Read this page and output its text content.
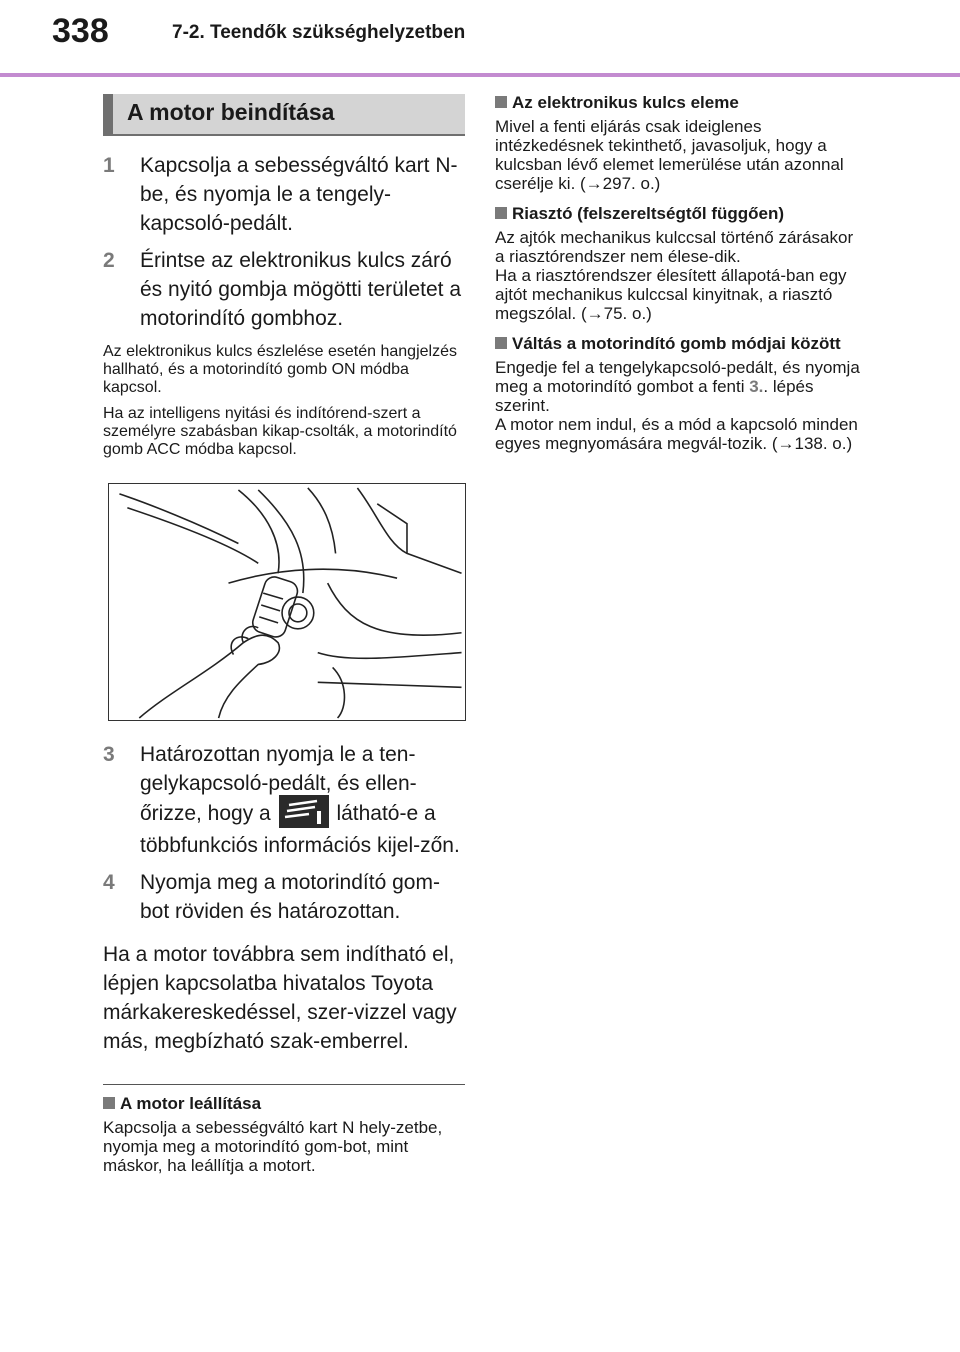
338	7-2. Teendők szükséghelyzetben
A motor beindítása
1 Kapcsolja a sebességváltó kart N-be, és nyomja le a tengely-kapcsoló-pedált.
2 Érintse az elektronikus kulcs záró és nyitó gombja mögötti területet a motorindító gombhoz.
Az elektronikus kulcs észlelése esetén hangjelzés hallható, és a motorindító gomb ON módba kapcsol.
Ha az intelligens nyitási és indítórend-szert a személyre szabásban kikap-csolták, a motorindító gomb ACC módba kapcsol.
3 Határozottan nyomja le a ten-gelykapcsoló-pedált, és ellen-őrizze, hogy a	látható-e a többfunkciós információs kijel-zőn.
4 Nyomja meg a motorindító gom-bot röviden és határozottan.
Ha a motor továbbra sem indítható el, lépjen kapcsolatba hivatalos Toyota márkakereskedéssel, szer-vizzel vagy más, megbízható szak-emberrel.
A motor leállítása
Kapcsolja a sebességváltó kart N hely-zetbe, nyomja meg a motorindító gom-bot, mint máskor, ha leállítja a motort.
Az elektronikus kulcs eleme
Mivel a fenti eljárás csak ideiglenes intézkedésnek tekinthető, javasoljuk, hogy a kulcsban lévő elemet lemerülése után azonnal cserélje ki. (→297. o.)
Riasztó (felszereltségtől függően)
Az ajtók mechanikus kulccsal történő zárásakor a riasztórendszer nem élese-dik.
Ha a riasztórendszer élesített állapotá-ban egy ajtót mechanikus kulccsal kinyitnak, a riasztó megszólal. (→75. o.)
Váltás a motorindító gomb módjai között
Engedje fel a tengelykapcsoló-pedált, és nyomja meg a motorindító gombot a fenti 3.. lépés szerint.
A motor nem indul, és a mód a kapcsoló minden egyes megnyomására megvál-tozik. (→138. o.)
